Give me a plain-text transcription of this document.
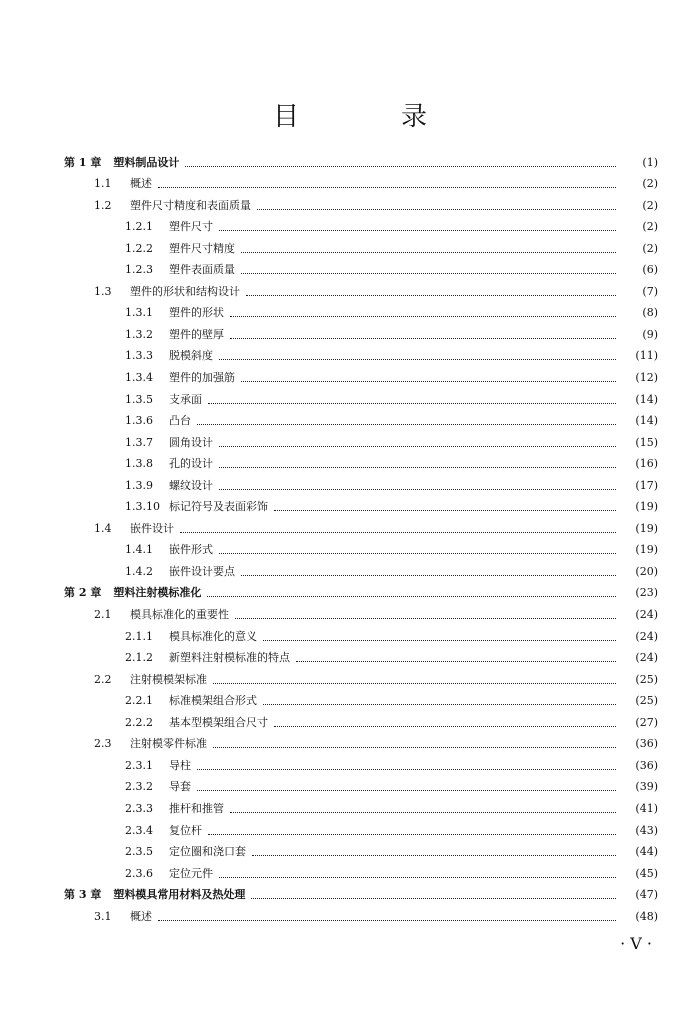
目　录
第 1 章 塑料制品设计	(1)
1.1	概述	(2)
1.2	塑件尺寸精度和表面质量	(2)
1.2.1	塑件尺寸	(2)
1.2.2	塑件尺寸精度	(2)
1.2.3	塑件表面质量	(6)
1.3	塑件的形状和结构设计	(7)
1.3.1	塑件的形状	(8)
1.3.2	塑件的壁厚	(9)
1.3.3	脱模斜度	(11)
1.3.4	塑件的加强筋	(12)
1.3.5	支承面	(14)
1.3.6	凸台	(14)
1.3.7	圆角设计	(15)
1.3.8	孔的设计	(16)
1.3.9	螺纹设计	(17)
1.3.10 标记符号及表面彩饰	(19)
1.4	嵌件设计	(19)
1.4.1	嵌件形式	(19)
1.4.2	嵌件设计要点	(20)
第 2 章 塑料注射模标准化	(23)
2.1	模具标准化的重要性	(24)
2.1.1	模具标准化的意义	(24)
2.1.2	新塑料注射模标准的特点	(24)
2.2	注射模模架标准	(25)
2.2.1	标准模架组合形式	(25)
2.2.2	基本型模架组合尺寸	(27)
2.3	注射模零件标准	(36)
2.3.1	导柱	(36)
2.3.2	导套	(39)
2.3.3	推杆和推管	(41)
2.3.4	复位杆	(43)
2.3.5	定位圈和浇口套	(44)
2.3.6	定位元件	(45)
第 3 章 塑料模具常用材料及热处理	(47)
3.1	概述	(48)
· V ·
